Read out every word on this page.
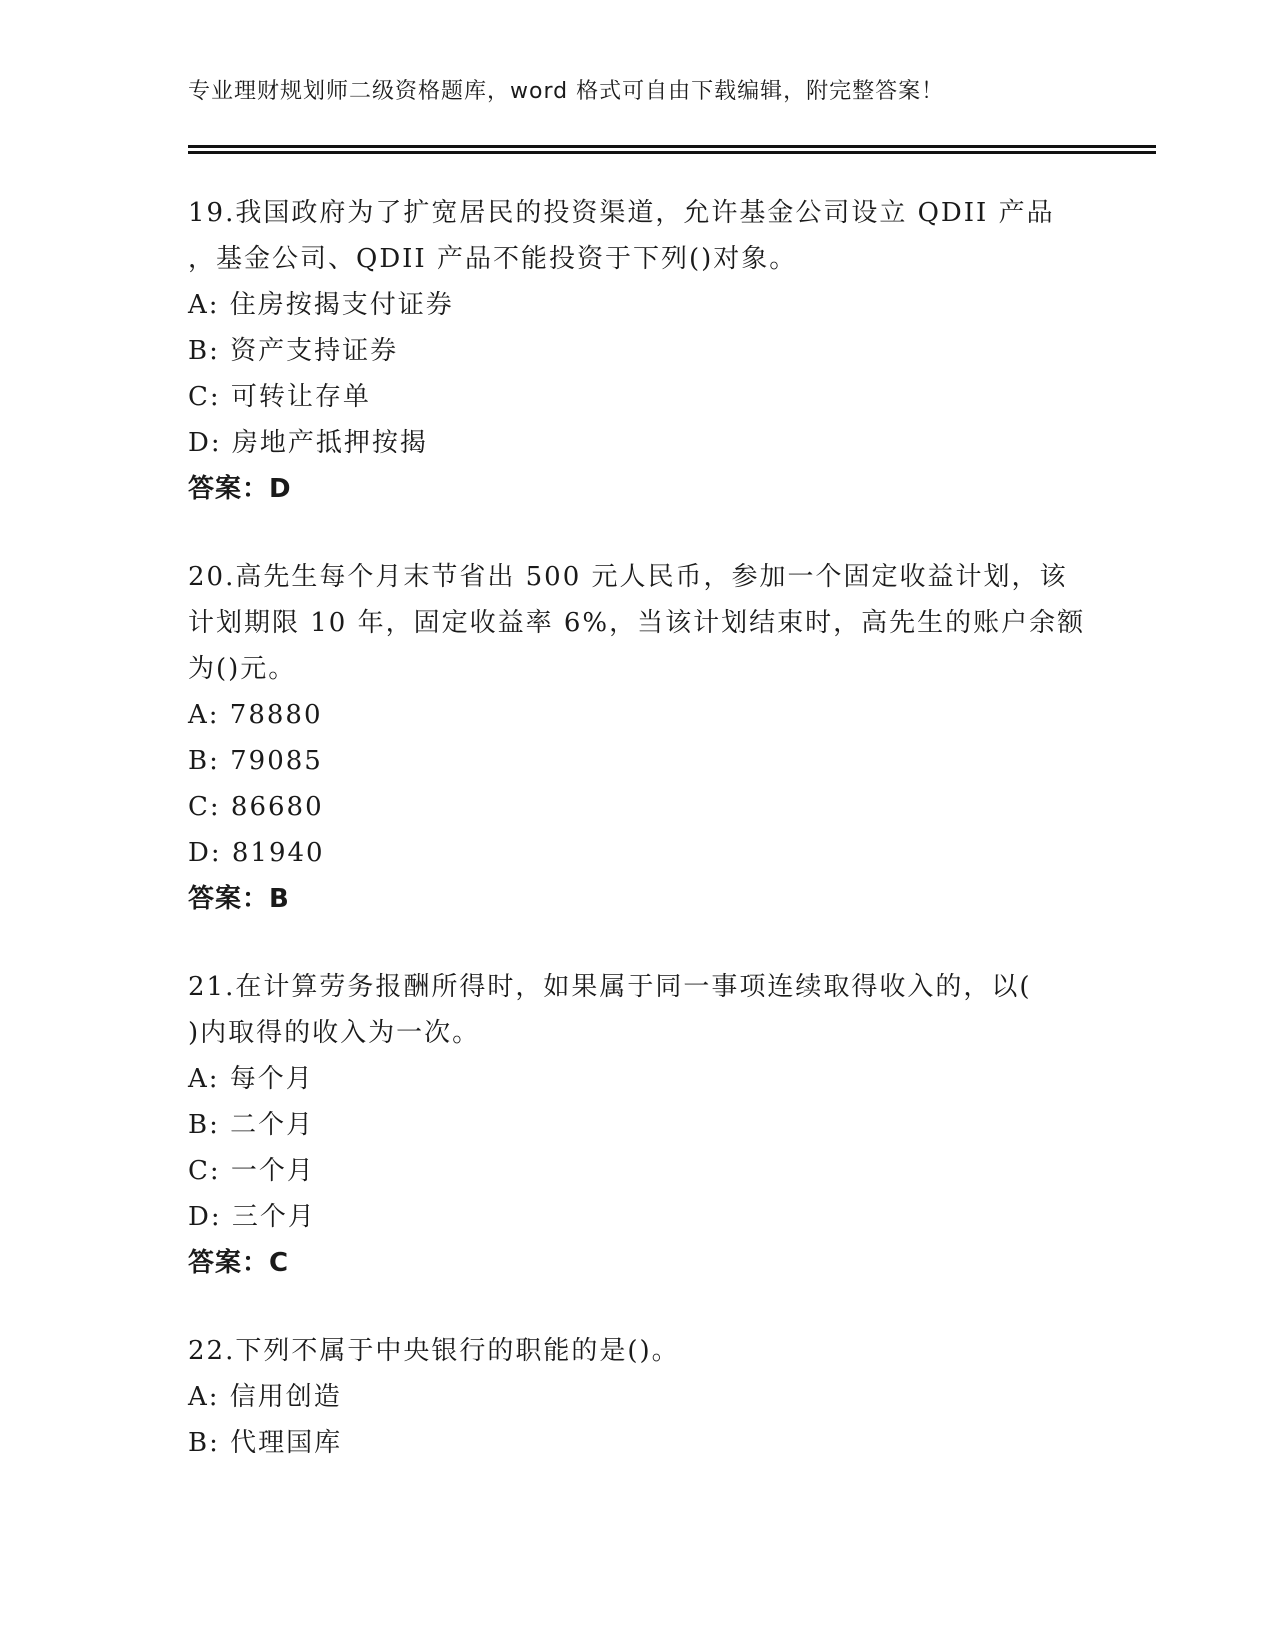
专业理财规划师二级资格题库，word 格式可自由下载编辑，附完整答案！
19.我国政府为了扩宽居民的投资渠道，允许基金公司设立 QDII 产品
，基金公司、QDII 产品不能投资于下列()对象。
A: 住房按揭支付证券
B: 资产支持证券
C: 可转让存单
D: 房地产抵押按揭
答案：D
20.高先生每个月末节省出 500 元人民币，参加一个固定收益计划，该
计划期限 10 年，固定收益率 6%，当该计划结束时，高先生的账户余额
为()元。
A: 78880
B: 79085
C: 86680
D: 81940
答案：B
21.在计算劳务报酬所得时，如果属于同一事项连续取得收入的，以(
)内取得的收入为一次。
A: 每个月
B: 二个月
C: 一个月
D: 三个月
答案：C
22.下列不属于中央银行的职能的是()。
A: 信用创造
B: 代理国库
